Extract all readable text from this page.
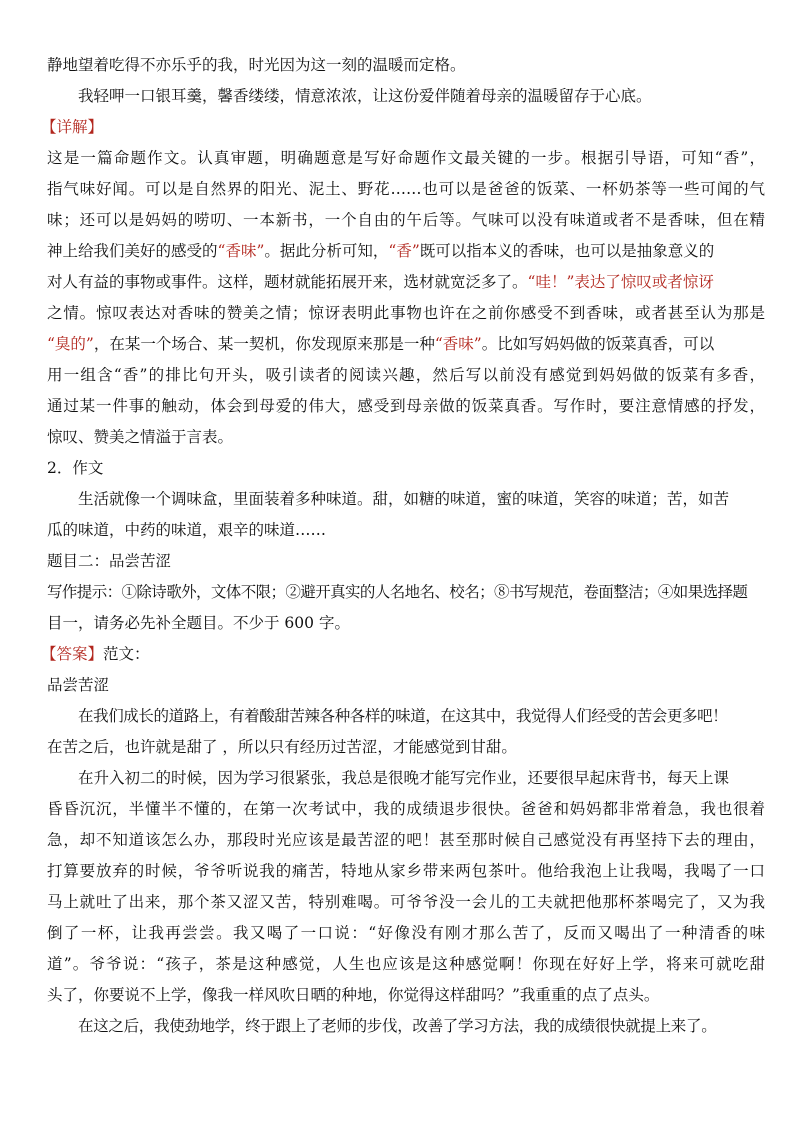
静地望着吃得不亦乐乎的我，时光因为这一刻的温暖而定格。
我轻呷一口银耳羹，馨香缕缕，情意浓浓，让这份爱伴随着母亲的温暖留存于心底。
【详解】
这是一篇命题作文。认真审题，明确题意是写好命题作文最关键的一步。根据引导语，可知“香”，
指气味好闻。可以是自然界的阳光、泥土、野花……也可以是爸爸的饭菜、一杯奶茶等一些可闻的气
味；还可以是妈妈的唠叨、一本新书，一个自由的午后等。气味可以没有味道或者不是香味，但在精
神上给我们美好的感受的“香味”。据此分析可知，“香”既可以指本义的香味，也可以是抽象意义的
对人有益的事物或事件。这样，题材就能拓展开来，选材就宽泛多了。“哇！”表达了惊叹或者惊讶
之情。惊叹表达对香味的赞美之情；惊讶表明此事物也许在之前你感受不到香味，或者甚至认为那是
“臭的”，在某一个场合、某一契机，你发现原来那是一种“香味”。比如写妈妈做的饭菜真香，可以
用一组含“香”的排比句开头，吸引读者的阅读兴趣，然后写以前没有感觉到妈妈做的饭菜有多香，
通过某一件事的触动，体会到母爱的伟大，感受到母亲做的饭菜真香。写作时，要注意情感的抒发，
惊叹、赞美之情溢于言表。
2．作文
生活就像一个调味盒，里面装着多种味道。甜，如糖的味道，蜜的味道，笑容的味道；苦，如苦
瓜的味道，中药的味道，艰辛的味道……
题目二：品尝苦涩
写作提示：①除诗歌外，文体不限；②避开真实的人名地名、校名；⑧书写规范，卷面整洁；④如果选择题
目一，请务必先补全题目。不少于 600 字。
【答案】范文：
品尝苦涩
在我们成长的道路上，有着酸甜苦辣各种各样的味道，在这其中，我觉得人们经受的苦会更多吧！
在苦之后，也许就是甜了 ，所以只有经历过苦涩，才能感觉到甘甜。
在升入初二的时候，因为学习很紧张，我总是很晚才能写完作业，还要很早起床背书，每天上课
昏昏沉沉，半懂半不懂的，在第一次考试中，我的成绩退步很快。爸爸和妈妈都非常着急，我也很着
急，却不知道该怎么办，那段时光应该是最苦涩的吧！甚至那时候自己感觉没有再坚持下去的理由，
打算要放弃的时候，爷爷听说我的痛苦，特地从家乡带来两包茶叶。他给我泡上让我喝，我喝了一口
马上就吐了出来，那个茶又涩又苦，特别难喝。可爷爷没一会儿的工夫就把他那杯茶喝完了，又为我
倒了一杯，让我再尝尝。我又喝了一口说：“好像没有刚才那么苦了，反而又喝出了一种清香的味
道”。爷爷说：“孩子，茶是这种感觉，人生也应该是这种感觉啊！你现在好好上学，将来可就吃甜
头了，你要说不上学，像我一样风吹日晒的种地，你觉得这样甜吗？”我重重的点了点头。
在这之后，我使劲地学，终于跟上了老师的步伐，改善了学习方法，我的成绩很快就提上来了。
